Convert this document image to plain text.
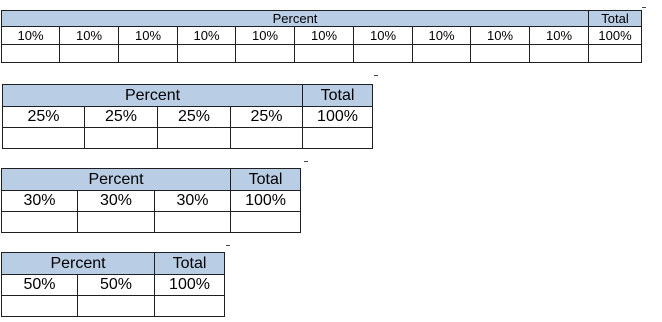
Percent										Total
10%	10%	10%	10%	10%	10%	10%	10%	10%	10%	100%

Percent				Total
25%	25%	25%	25%	100%

Percent			Total
30%	30%	30%	100%

Percent		Total
50%	50%	100%
